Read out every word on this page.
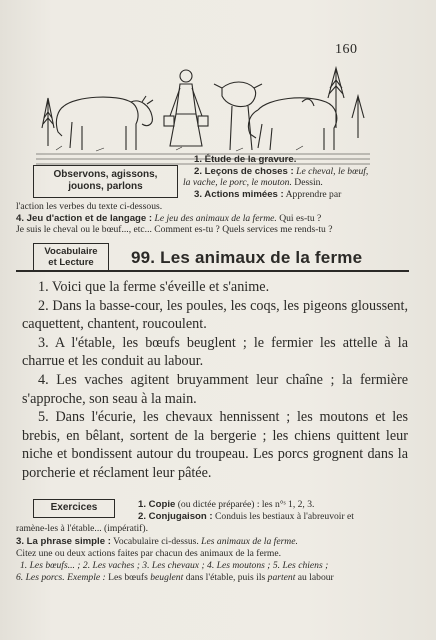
160
Observons, agissons,
jouons, parlons
1. Étude de la gravure.
2. Leçons de choses : Le cheval, le bœuf,
la vache, le porc, le mouton. Dessin.
3. Actions mimées : Apprendre par
l'action les verbes du texte ci-dessous.
4. Jeu d'action et de langage : Le jeu des animaux de la ferme. Qui es-tu ?
Je suis le cheval ou le bœuf..., etc... Comment es-tu ? Quels services me rends-tu ?
Vocabulaire
et Lecture	99. Les animaux de la ferme

1. Voici que la ferme s'éveille et s'anime.

2. Dans la basse-cour, les poules, les coqs, les pigeons gloussent, caquettent, chantent, roucoulent.

3. A l'étable, les bœufs beuglent ; le fermier les attelle à la charrue et les conduit au labour.

4. Les vaches agitent bruyamment leur chaîne ; la fermière s'approche, son seau à la main.

5. Dans l'écurie, les chevaux hennissent ; les moutons et les brebis, en bêlant, sortent de la bergerie ; les chiens quittent leur niche et bondissent autour du troupeau. Les porcs grognent dans la porcherie et réclament leur pâtée.

Exercices	1. Copie (ou dictée préparée) : les n°ˢ 1, 2, 3.
2. Conjugaison : Conduis les bestiaux à l'abreuvoir et
ramène-les à l'étable... (impératif).
3. La phrase simple : Vocabulaire ci-dessus. Les animaux de la ferme.
Citez une ou deux actions faites par chacun des animaux de la ferme.
1. Les bœufs... ; 2. Les vaches ; 3. Les chevaux ; 4. Les moutons ; 5. Les chiens ;
6. Les porcs. Exemple : Les bœufs beuglent dans l'étable, puis ils partent au labour
